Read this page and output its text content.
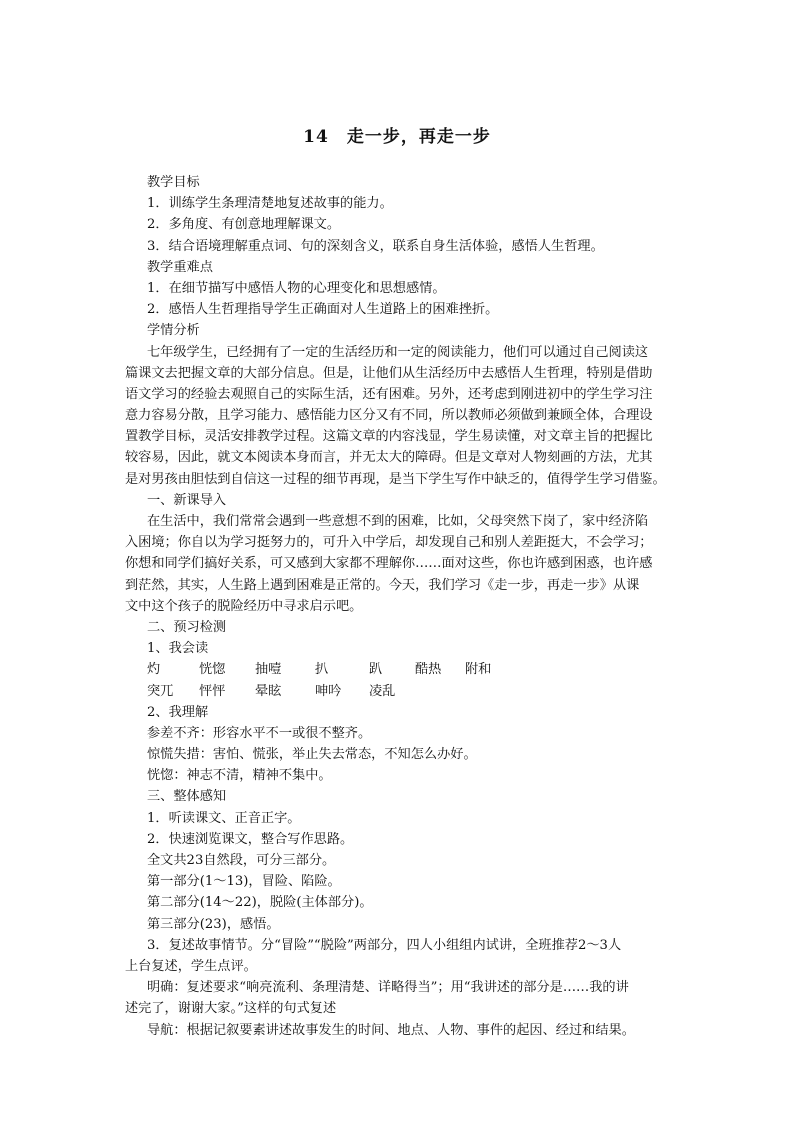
14　走一步，再走一步
教学目标
1．训练学生条理清楚地复述故事的能力。
2．多角度、有创意地理解课文。
3．结合语境理解重点词、句的深刻含义，联系自身生活体验，感悟人生哲理。
教学重难点
1．在细节描写中感悟人物的心理变化和思想感情。
2．感悟人生哲理指导学生正确面对人生道路上的困难挫折。
学情分析
七年级学生，已经拥有了一定的生活经历和一定的阅读能力，他们可以通过自己阅读这
篇课文去把握文章的大部分信息。但是，让他们从生活经历中去感悟人生哲理，特别是借助
语文学习的经验去观照自己的实际生活，还有困难。另外，还考虑到刚进初中的学生学习注
意力容易分散，且学习能力、感悟能力区分又有不同，所以教师必须做到兼顾全体，合理设
置教学目标，灵活安排教学过程。这篇文章的内容浅显，学生易读懂，对文章主旨的把握比
较容易，因此，就文本阅读本身而言，并无太大的障碍。但是文章对人物刻画的方法，尤其
是对男孩由胆怯到自信这一过程的细节再现，是当下学生写作中缺乏的，值得学生学习借鉴。
一、新课导入
在生活中，我们常常会遇到一些意想不到的困难，比如，父母突然下岗了，家中经济陷
入困境；你自以为学习挺努力的，可升入中学后，却发现自己和别人差距挺大，不会学习；
你想和同学们搞好关系，可又感到大家都不理解你……面对这些，你也许感到困惑，也许感
到茫然，其实，人生路上遇到困难是正常的。今天，我们学习《走一步，再走一步》从课
文中这个孩子的脱险经历中寻求启示吧。
二、预习检测
1、我会读
灼	恍惚	抽噎	扒	趴	酷热	附和
突兀	怦怦	晕眩	呻吟	凌乱
2、我理解
参差不齐：形容水平不一或很不整齐。
惊慌失措：害怕、慌张，举止失去常态，不知怎么办好。
恍惚：神志不清，精神不集中。
三、整体感知
1．听读课文、正音正字。
2．快速浏览课文，整合写作思路。
全文共23自然段，可分三部分。
第一部分(1～13)，冒险、陷险。
第二部分(14～22)，脱险(主体部分)。
第三部分(23)，感悟。
3．复述故事情节。分“冒险”“脱险”两部分，四人小组组内试讲，全班推荐2～3人
上台复述，学生点评。
明确：复述要求“响亮流利、条理清楚、详略得当”；用“我讲述的部分是……我的讲
述完了，谢谢大家。”这样的句式复述
导航：根据记叙要素讲述故事发生的时间、地点、人物、事件的起因、经过和结果。
